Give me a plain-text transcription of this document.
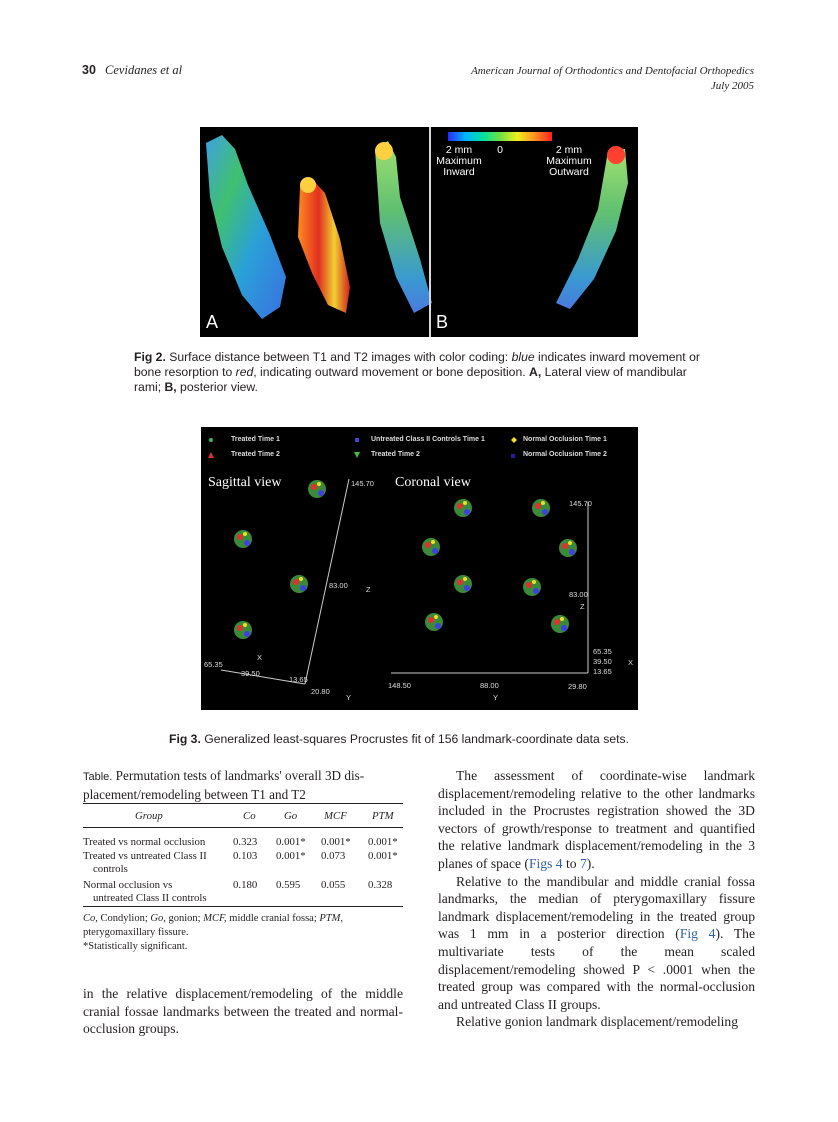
30 Cevidanes et al	American Journal of Orthodontics and Dentofacial Orthopedics
July 2005
2 mm
Maximum
Inward
0	2 mm
Maximum
Outward
A	B
Fig 2. Surface distance between T1 and T2 images with color coding: blue indicates inward movement or bone resorption to red, indicating outward movement or bone deposition. A, Lateral view of mandibular rami; B, posterior view.
Treated Time 1
Treated Time 2
Untreated Class II Controls Time 1
Treated Time 2
Normal Occlusion Time 1
Normal Occlusion Time 2
Sagittal view	Coronal view
145.70
83.00 Z
X
65.35
39.50
13.65
20.80
Y
145.70
83.00
Z
65.35
39.50
13.65
X
148.50	88.00	29.80
Y
Fig 3. Generalized least-squares Procrustes fit of 156 landmark-coordinate data sets.
Table. Permutation tests of landmarks' overall 3D dis-
placement/remodeling between T1 and T2
Group	Co	Go MCF PTM
Treated vs normal occlusion	0.323 0.001* 0.001* 0.001*
Treated vs untreated Class II 0.103 0.001* 0.073 0.001*
controls
Normal occlusion vs	0.180 0.595 0.055 0.328
untreated Class II controls
Co, Condylion; Go, gonion; MCF, middle cranial fossa; PTM, pterygomaxillary fissure.
*Statistically significant.
in the relative displacement/remodeling of the middle cranial fossae landmarks between the treated and normal-occlusion groups.

The assessment of coordinate-wise landmark displacement/remodeling relative to the other landmarks included in the Procrustes registration showed the 3D vectors of growth/response to treatment and quantified the relative landmark displacement/remodeling in the 3 planes of space (Figs 4 to 7).

Relative to the mandibular and middle cranial fossa landmarks, the median of pterygomaxillary fissure landmark displacement/remodeling in the treated group was 1 mm in a posterior direction (Fig 4). The multivariate tests of the mean scaled displacement/remodeling showed P < .0001 when the treated group was compared with the normal-occlusion and untreated Class II groups.

Relative gonion landmark displacement/remodeling
